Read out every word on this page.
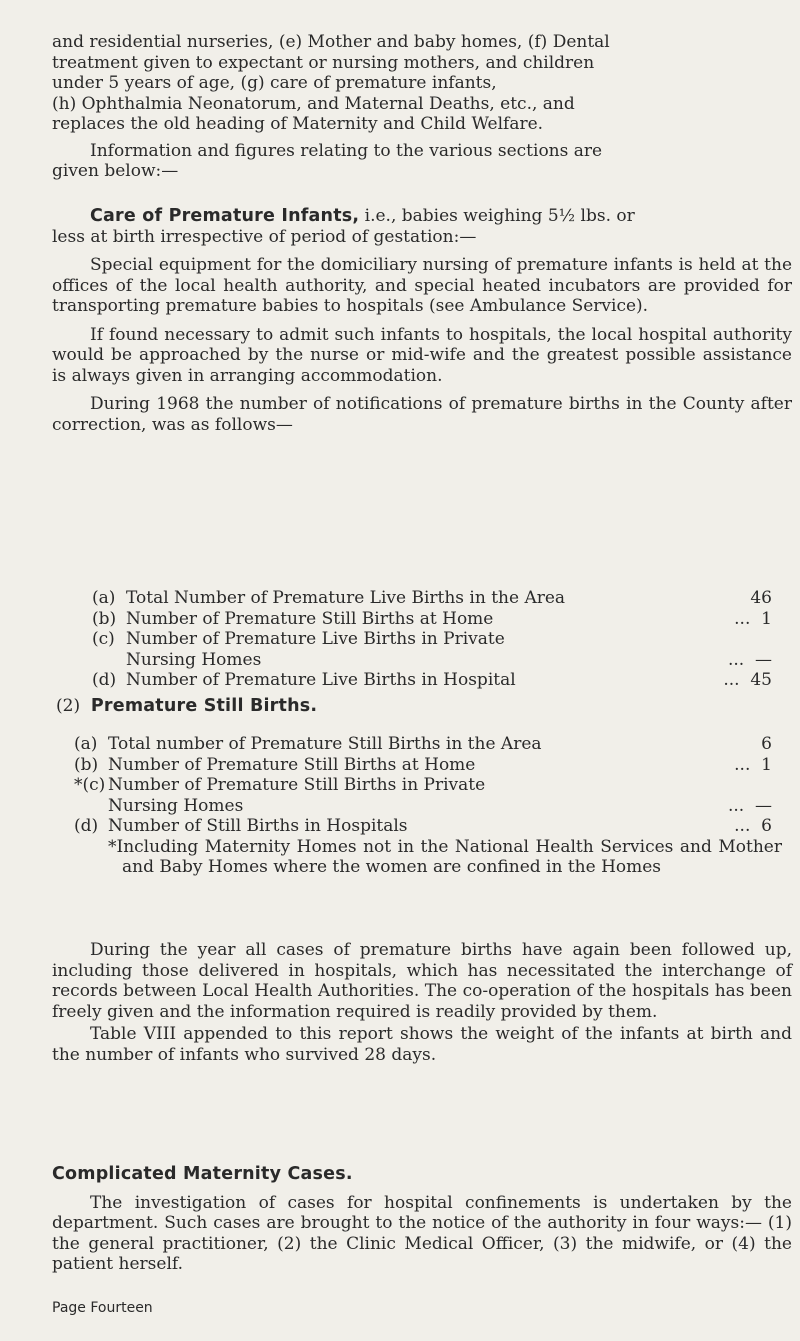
and residential nurseries, (e) Mother and baby homes, (f) Dental
treatment given to expectant or nursing mothers, and children
under 5 years of age, (g) care of premature infants,
(h) Ophthalmia Neonatorum, and Maternal Deaths, etc., and
replaces the old heading of Maternity and Child Welfare.
Information and figures relating to the various sections are
given below:—
Care of Premature Infants, i.e., babies weighing 5½ lbs. or
less at birth irrespective of period of gestation:—

Special equipment for the domiciliary nursing of premature infants is held at the offices of the local health authority, and special heated incubators are provided for transporting premature babies to hospitals (see Ambulance Service).

If found necessary to admit such infants to hospitals, the local hospital authority would be approached by the nurse or mid-wife and the greatest possible assistance is always given in arranging accommodation.

During 1968 the number of notifications of premature births in the County after correction, was as follows—

(a) Total Number of Premature Live Births in the Area	46
(b) Number of Premature Still Births at Home	... 1
(c) Number of Premature Live Births in Private
Nursing Homes	... —
(d) Number of Premature Live Births in Hospital	... 45
(2) Premature Still Births.
(a) Total number of Premature Still Births in the Area	6
(b) Number of Premature Still Births at Home	... 1
*(c) Number of Premature Still Births in Private
Nursing Homes	... —
(d) Number of Still Births in Hospitals	... 6

*Including Maternity Homes not in the National Health Services and Mother and Baby Homes where the women are confined in the Homes

During the year all cases of premature births have again been followed up, including those delivered in hospitals, which has necessitated the interchange of records between Local Health Authorities. The co-operation of the hospitals has been freely given and the information required is readily provided by them.

Table VIII appended to this report shows the weight of the infants at birth and the number of infants who survived 28 days.

Complicated Maternity Cases.

The investigation of cases for hospital confinements is undertaken by the department. Such cases are brought to the notice of the authority in four ways:— (1) the general practitioner, (2) the Clinic Medical Officer, (3) the midwife, or (4) the patient herself.

Page Fourteen
